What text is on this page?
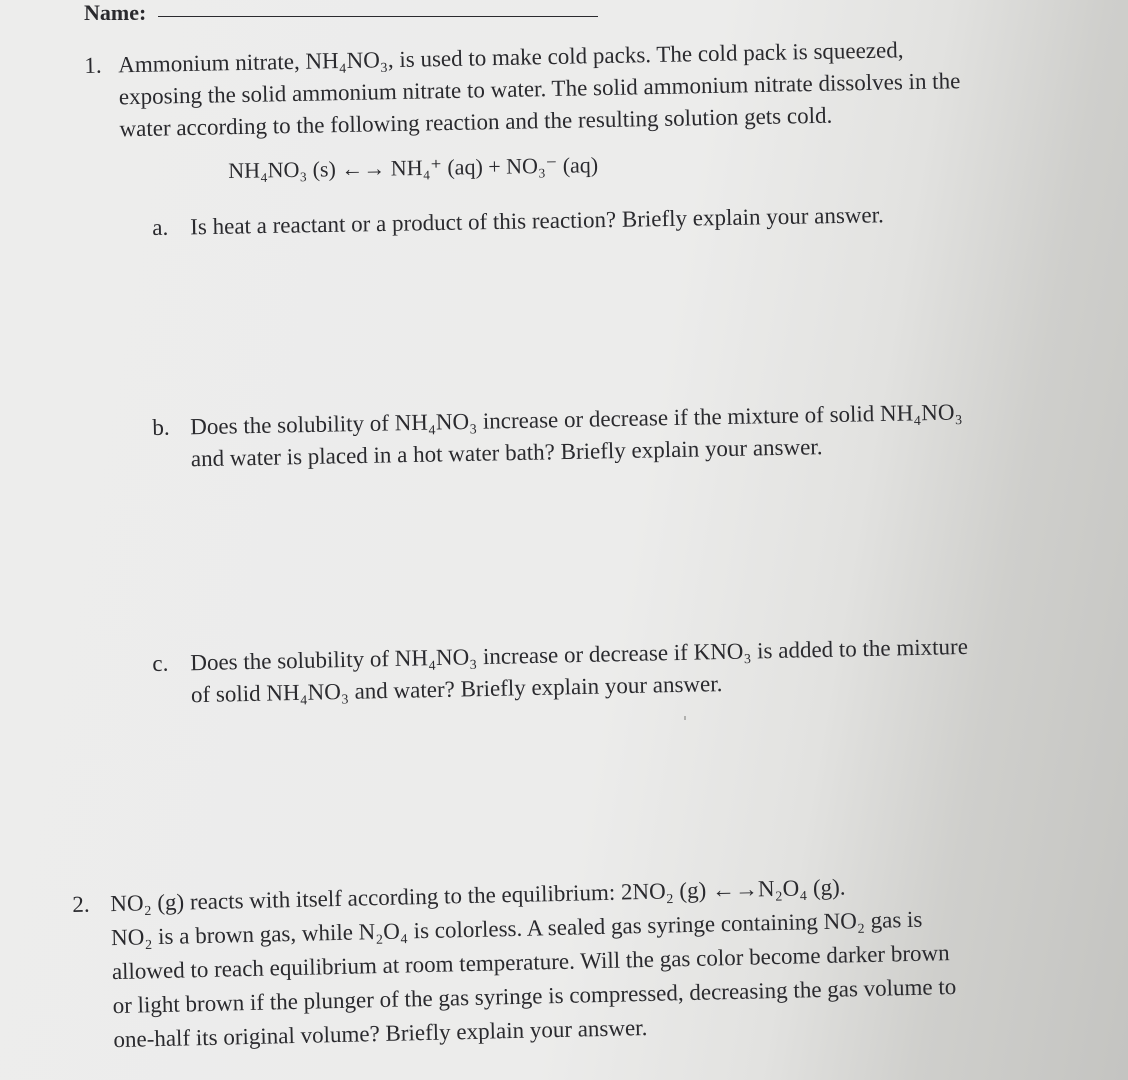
Name:
1. Ammonium nitrate, NH₄NO₃, is used to make cold packs. The cold pack is squeezed,

exposing the solid ammonium nitrate to water. The solid ammonium nitrate dissolves in the

water according to the following reaction and the resulting solution gets cold.

NH₄NO₃ (s) ←→ NH₄⁺ (aq) + NO₃⁻ (aq)
a. Is heat a reactant or a product of this reaction? Briefly explain your answer.

b. Does the solubility of NH₄NO₃ increase or decrease if the mixture of solid NH₄NO₃

and water is placed in a hot water bath? Briefly explain your answer.

c. Does the solubility of NH₄NO₃ increase or decrease if KNO₃ is added to the mixture

of solid NH₄NO₃ and water? Briefly explain your answer.

2. NO₂ (g) reacts with itself according to the equilibrium: 2NO₂ (g) ←→N₂O₄ (g).

NO₂ is a brown gas, while N₂O₄ is colorless. A sealed gas syringe containing NO₂ gas is

allowed to reach equilibrium at room temperature. Will the gas color become darker brown

or light brown if the plunger of the gas syringe is compressed, decreasing the gas volume to

one-half its original volume? Briefly explain your answer.
